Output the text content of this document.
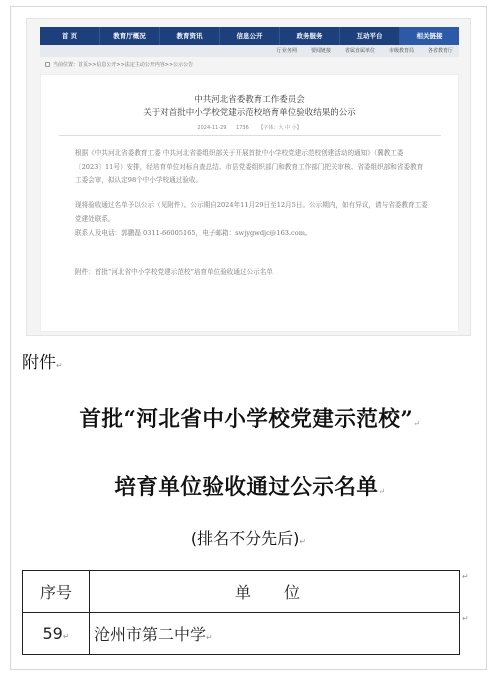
首 页	教育厅概况	教育资讯	信息公开	政务服务	互动平台	相关链接
厅业务网	要闻链接	省属直属单位	市级教育局	各省教育厅
当前位置：首页>>信息公开>>法定主动公开内容>>公示公告
中共河北省委教育工作委员会
关于对首批中小学校党建示范校培育单位验收结果的公示
2024-11-29 1736 【字体：大 中 小】

根据《中共河北省委教育工委 中共河北省委组织部关于开展首批中小学校党建示范校创建活动的通知》（冀教工委〔2023〕11号）安排，经培育单位对标自查总结、市县党委组织部门和教育工作部门把关审核、省委组织部和省委教育工委会审，拟认定98个中小学校通过验收。

现将验收通过名单予以公示（见附件）。公示期自2024年11月29日至12月5日。公示期内，如有异议，请与省委教育工委党建处联系。

联系人及电话：郭鹏磊 0311-66005165，电子邮箱：swjygwdjc@163.com。

附件：首批“河北省中小学校党建示范校”培育单位验收通过公示名单

附件↵
首批“河北省中小学校党建示范校”↵
培育单位验收通过公示名单↵
(排名不分先后)↵
序号	单 位
59↵	沧州市第二中学↵
↵
↵
